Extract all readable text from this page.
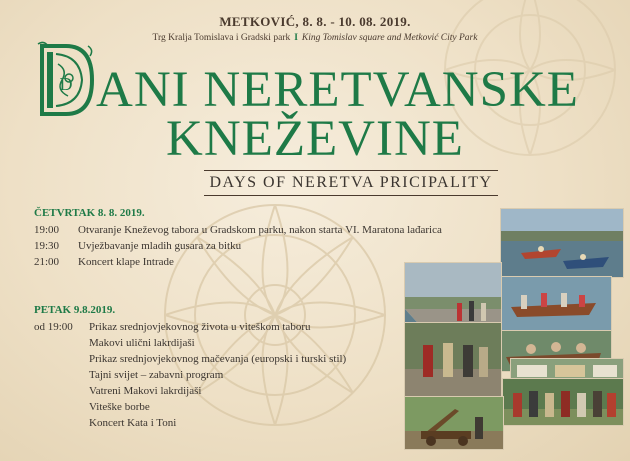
METKOVIĆ, 8. 8. - 10. 08. 2019.
Trg Kralja Tomislava i Gradski park I King Tomislav square and Metković City Park
D ANI NERETVANSKE
KNEŽEVINE
DAYS OF NERETVA PRICIPALITY
ČETVRTAK 8. 8. 2019.
19:00 Otvaranje Kneževog tabora u Gradskom parku, nakon starta VI. Maratona lađarica
19:30 Uvježbavanje mladih gusara za bitku
21:00 Koncert klape Intrade
PETAK 9.8.2019.
od 19:00 Prikaz srednjovjekovnog života u viteškom taboru
Makovi ulični lakrdijaši
Prikaz srednjovjekovnog mačevanja (europski i turski stil)
Tajni svijet – zabavni program
Vatreni Makovi lakrdijaši
Viteške borbe
Koncert Kata i Toni
